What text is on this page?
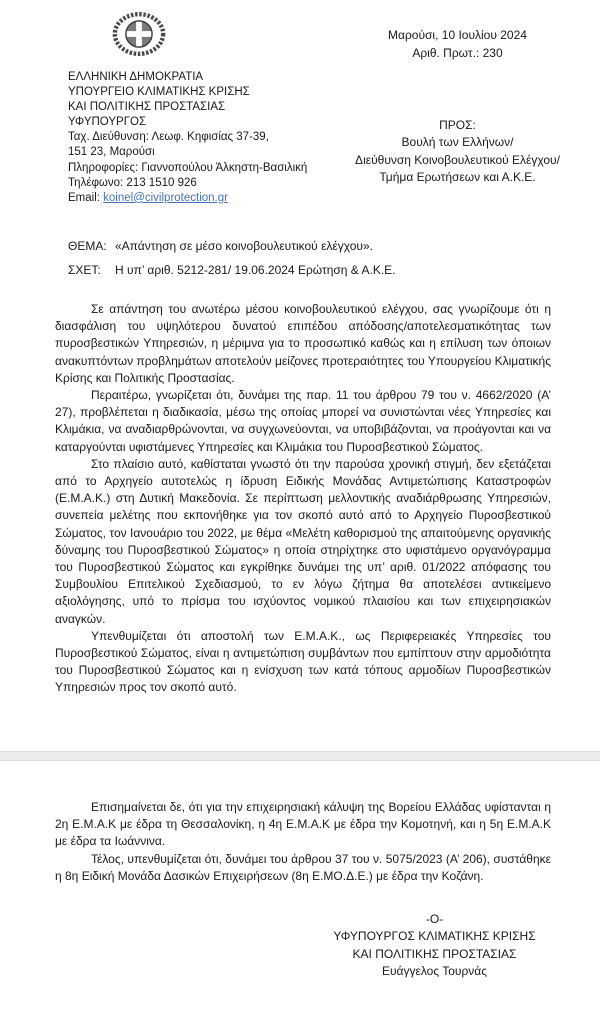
ΕΛΛΗΝΙΚΗ ΔΗΜΟΚΡΑΤΙΑ
ΥΠΟΥΡΓΕΙΟ ΚΛΙΜΑΤΙΚΗΣ ΚΡΙΣΗΣ
ΚΑΙ ΠΟΛΙΤΙΚΗΣ ΠΡΟΣΤΑΣΙΑΣ
ΥΦΥΠΟΥΡΓΟΣ
Ταχ. Διεύθυνση: Λεωφ. Κηφισίας 37-39,
151 23, Μαρούσι
Πληροφορίες: Γιαννοπούλου Άλκηστη-Βασιλική
Τηλέφωνο: 213 1510 926
Email: koinel@civilprotection.gr
Μαρούσι, 10 Ιουλίου 2024
Αριθ. Πρωτ.: 230
ΠΡΟΣ:
Βουλή των Ελλήνων/
Διεύθυνση Κοινοβουλευτικού Ελέγχου/
Τμήμα Ερωτήσεων και Α.Κ.Ε.
ΘΕΜΑ: «Απάντηση σε μέσο κοινοβουλευτικού ελέγχου».
ΣΧΕΤ:	Η υπ’ αριθ. 5212-281/ 19.06.2024 Ερώτηση & Α.Κ.Ε.

Σε απάντηση του ανωτέρω μέσου κοινοβουλευτικού ελέγχου, σας γνωρίζουμε ότι η διασφάλιση του υψηλότερου δυνατού επιπέδου απόδοσης/αποτελεσματικότητας των πυροσβεστικών Υπηρεσιών, η μέριμνα για το προσωπικό καθώς και η επίλυση των όποιων ανακυπτόντων προβλημάτων αποτελούν μείζονες προτεραιότητες του Υπουργείου Κλιματικής Κρίσης και Πολιτικής Προστασίας.

Περαιτέρω, γνωρίζεται ότι, δυνάμει της παρ. 11 του άρθρου 79 του ν. 4662/2020 (Α’ 27), προβλέπεται η διαδικασία, μέσω της οποίας μπορεί να συνιστώνται νέες Υπηρεσίες και Κλιμάκια, να αναδιαρθρώνονται, να συγχωνεύονται, να υποβιβάζονται, να προάγονται και να καταργούνται υφιστάμενες Υπηρεσίες και Κλιμάκια του Πυροσβεστικού Σώματος.

Στο πλαίσιο αυτό, καθίσταται γνωστό ότι την παρούσα χρονική στιγμή, δεν εξετάζεται από το Αρχηγείο αυτοτελώς η ίδρυση Ειδικής Μονάδας Αντιμετώπισης Καταστροφών (Ε.Μ.Α.Κ.) στη Δυτική Μακεδονία. Σε περίπτωση μελλοντικής αναδιάρθρωσης Υπηρεσιών, συνεπεία μελέτης που εκπονήθηκε για τον σκοπό αυτό από το Αρχηγείο Πυροσβεστικού Σώματος, τον Ιανουάριο του 2022, με θέμα «Μελέτη καθορισμού της απαιτούμενης οργανικής δύναμης του Πυροσβεστικού Σώματος» η οποία στηρίχτηκε στο υφιστάμενο οργανόγραμμα του Πυροσβεστικού Σώματος και εγκρίθηκε δυνάμει της υπ’ αριθ. 01/2022 απόφασης του Συμβουλίου Επιτελικού Σχεδιασμού, το εν λόγω ζήτημα θα αποτελέσει αντικείμενο αξιολόγησης, υπό το πρίσμα του ισχύοντος νομικού πλαισίου και των επιχειρησιακών αναγκών.

Υπενθυμίζεται ότι αποστολή των Ε.Μ.Α.Κ., ως Περιφερειακές Υπηρεσίες του Πυροσβεστικού Σώματος, είναι η αντιμετώπιση συμβάντων που εμπίπτουν στην αρμοδιότητα του Πυροσβεστικού Σώματος και η ενίσχυση των κατά τόπους αρμοδίων Πυροσβεστικών Υπηρεσιών προς τον σκοπό αυτό.

Επισημαίνεται δε, ότι για την επιχειρησιακή κάλυψη της Βορείου Ελλάδας υφίστανται η 2η Ε.Μ.Α.Κ με έδρα τη Θεσσαλονίκη, η 4η Ε.Μ.Α.Κ με έδρα την Κομοτηνή, και η 5η Ε.Μ.Α.Κ με έδρα τα Ιωάννινα.

Τέλος, υπενθυμίζεται ότι, δυνάμει του άρθρου 37 του ν. 5075/2023 (Α’ 206), συστάθηκε η 8η Ειδική Μονάδα Δασικών Επιχειρήσεων (8η Ε.ΜΟ.Δ.Ε.) με έδρα την Κοζάνη.

-Ο-
ΥΦΥΠΟΥΡΓΟΣ ΚΛΙΜΑΤΙΚΗΣ ΚΡΙΣΗΣ
ΚΑΙ ΠΟΛΙΤΙΚΗΣ ΠΡΟΣΤΑΣΙΑΣ
Ευάγγελος Τουρνάς
